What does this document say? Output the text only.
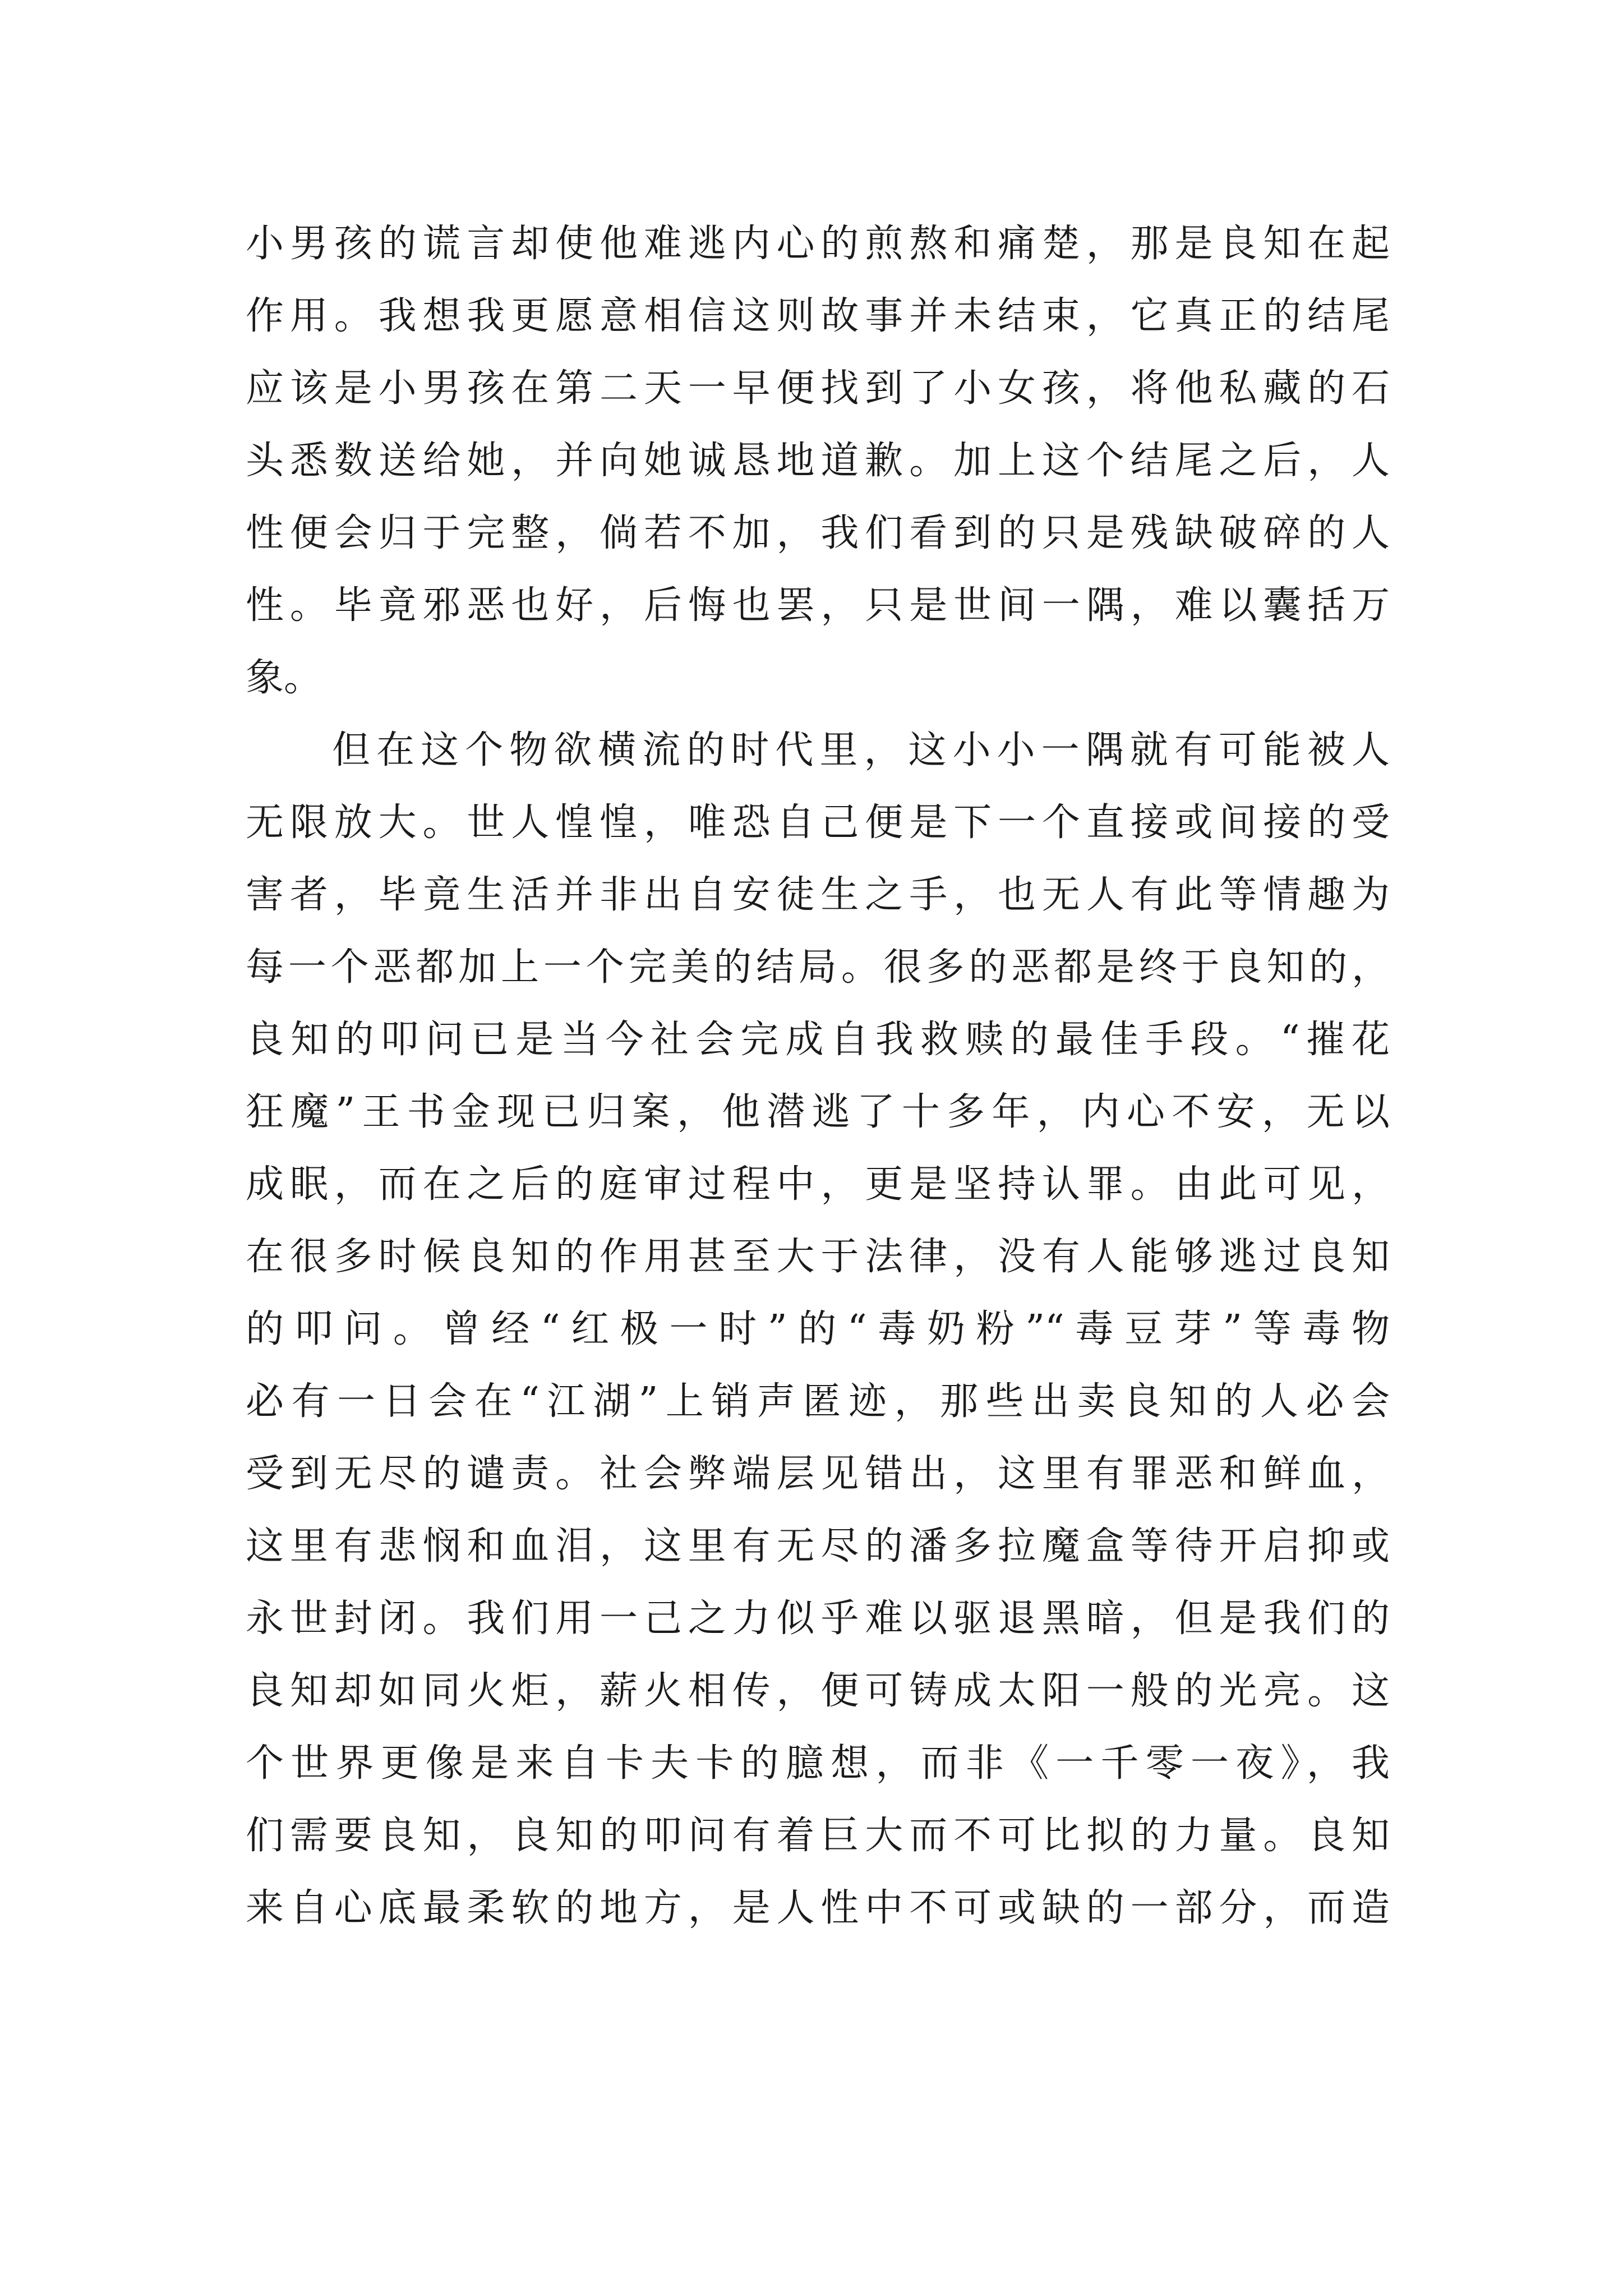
小男孩的谎言却使他难逃内心的煎熬和痛楚，那是良知在起
作用。我想我更愿意相信这则故事并未结束，它真正的结尾
应该是小男孩在第二天一早便找到了小女孩，将他私藏的石
头悉数送给她，并向她诚恳地道歉。加上这个结尾之后，人
性便会归于完整，倘若不加，我们看到的只是残缺破碎的人
性。毕竟邪恶也好，后悔也罢，只是世间一隅，难以囊括万
象。
但在这个物欲横流的时代里，这小小一隅就有可能被人
无限放大。世人惶惶，唯恐自己便是下一个直接或间接的受
害者，毕竟生活并非出自安徒生之手，也无人有此等情趣为
每一个恶都加上一个完美的结局。很多的恶都是终于良知的，
良知的叩问已是当今社会完成自我救赎的最佳手段。“摧花
狂魔”王书金现已归案，他潜逃了十多年，内心不安，无以
成眠，而在之后的庭审过程中，更是坚持认罪。由此可见，
在很多时候良知的作用甚至大于法律，没有人能够逃过良知
的叩问。曾经“红极一时”的“毒奶粉”“毒豆芽”等毒物
必有一日会在“江湖”上销声匿迹，那些出卖良知的人必会
受到无尽的谴责。社会弊端层见错出，这里有罪恶和鲜血，
这里有悲悯和血泪，这里有无尽的潘多拉魔盒等待开启抑或
永世封闭。我们用一己之力似乎难以驱退黑暗，但是我们的
良知却如同火炬，薪火相传，便可铸成太阳一般的光亮。这
个世界更像是来自卡夫卡的臆想，而非《一千零一夜》，我
们需要良知，良知的叩问有着巨大而不可比拟的力量。良知
来自心底最柔软的地方，是人性中不可或缺的一部分，而造
